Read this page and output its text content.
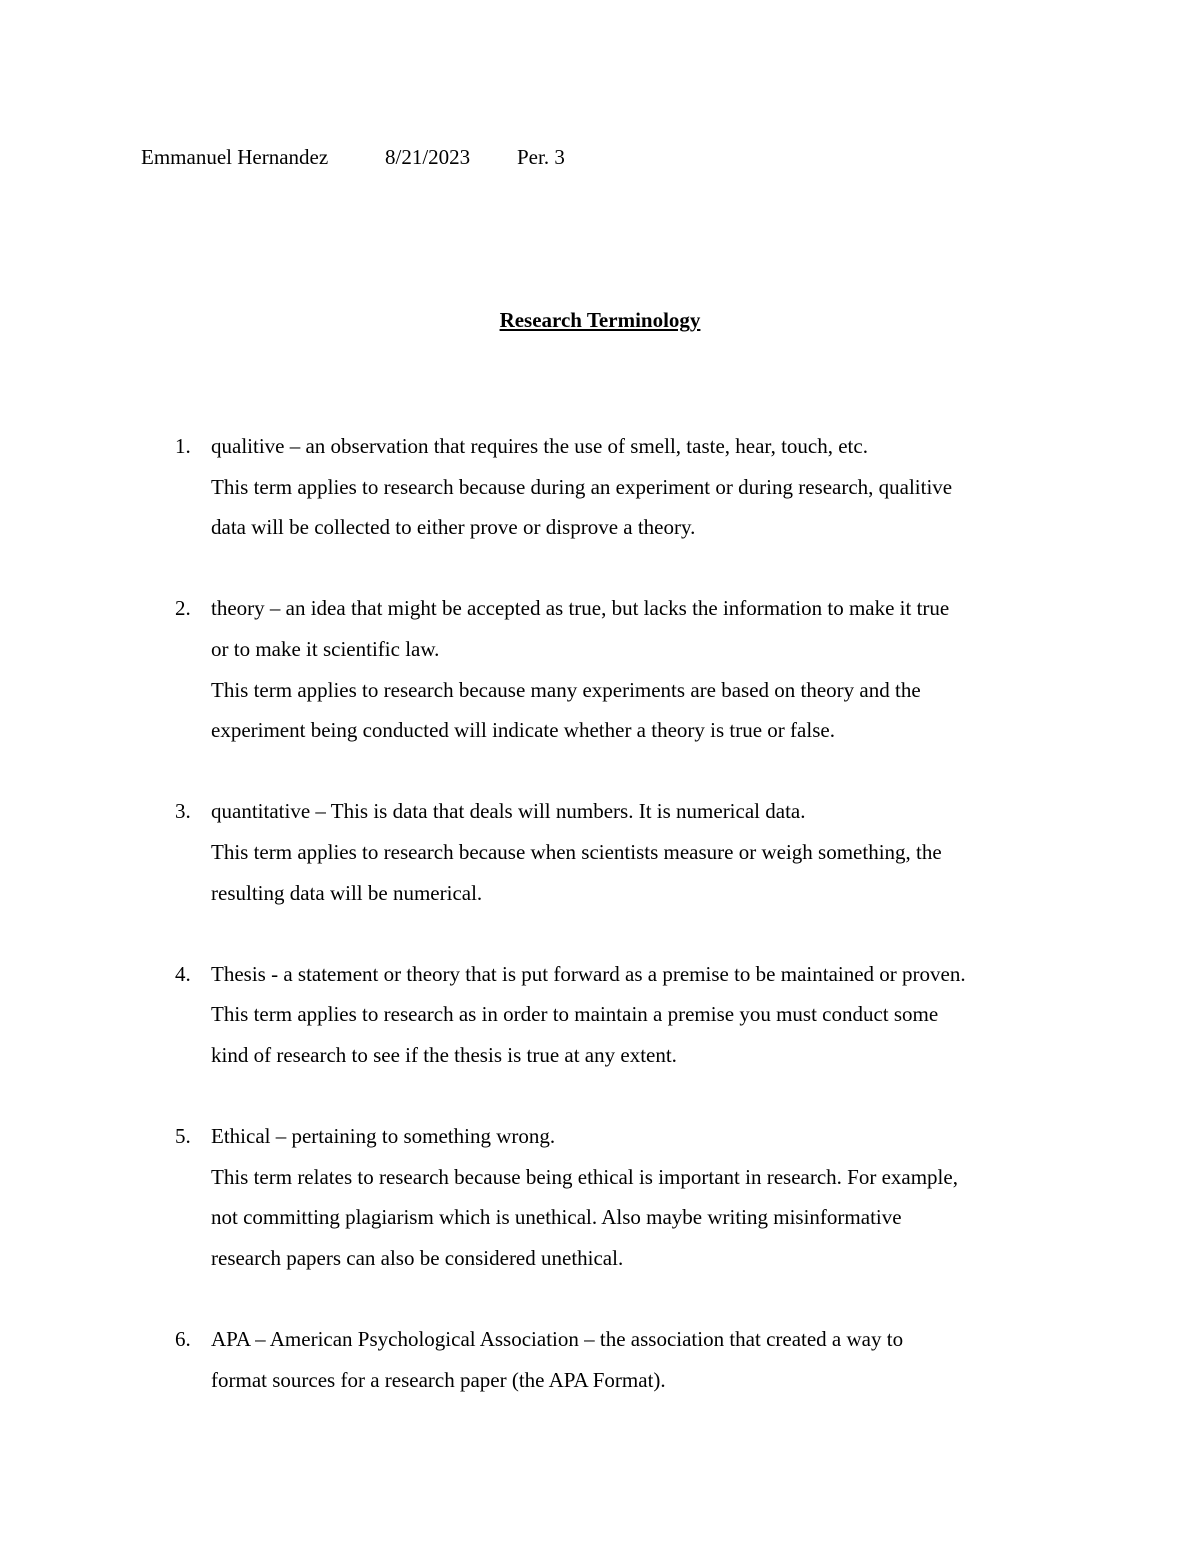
Emmanuel Hernandez	8/21/2023 Per. 3
Research Terminology
1. qualitive – an observation that requires the use of smell, taste, hear, touch, etc.
This term applies to research because during an experiment or during research, qualitive
data will be collected to either prove or disprove a theory.
2. theory – an idea that might be accepted as true, but lacks the information to make it true
or to make it scientific law.
This term applies to research because many experiments are based on theory and the
experiment being conducted will indicate whether a theory is true or false.
3. quantitative – This is data that deals will numbers. It is numerical data.
This term applies to research because when scientists measure or weigh something, the
resulting data will be numerical.
4. Thesis - a statement or theory that is put forward as a premise to be maintained or proven.
This term applies to research as in order to maintain a premise you must conduct some
kind of research to see if the thesis is true at any extent.
5. Ethical – pertaining to something wrong.
This term relates to research because being ethical is important in research. For example,
not committing plagiarism which is unethical. Also maybe writing misinformative
research papers can also be considered unethical.
6. APA – American Psychological Association – the association that created a way to
format sources for a research paper (the APA Format).
